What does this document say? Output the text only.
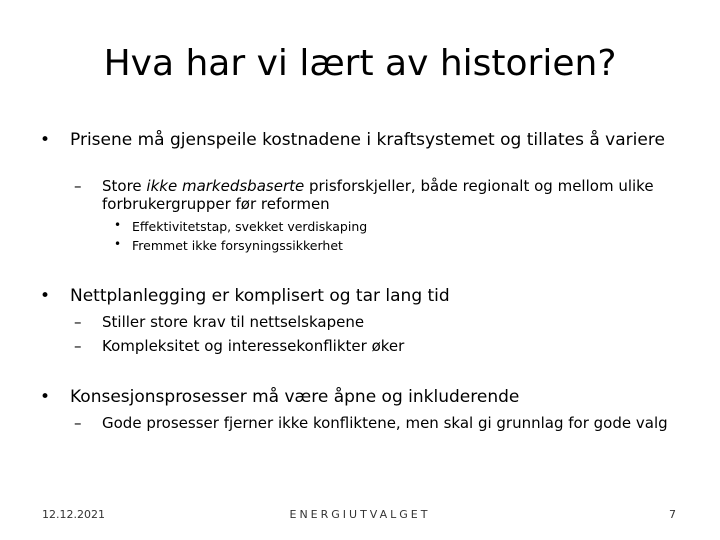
Hva har vi lært av historien?
• Prisene må gjenspeile kostnadene i kraftsystemet og tillates å variere

– Store ikke markedsbaserte prisforskjeller, både regionalt og mellom ulike forbrukergrupper før reformen

• Effektivitetstap, svekket verdiskaping

• Fremmet ikke forsyningssikkerhet

• Nettplanlegging er komplisert og tar lang tid

– Stiller store krav til nettselskapene

– Kompleksitet og interessekonflikter øker

• Konsesjonsprosesser må være åpne og inkluderende

– Gode prosesser fjerner ikke konfliktene, men skal gi grunnlag for gode valg

12.12.2021	ENERGIUTVALGET	7
